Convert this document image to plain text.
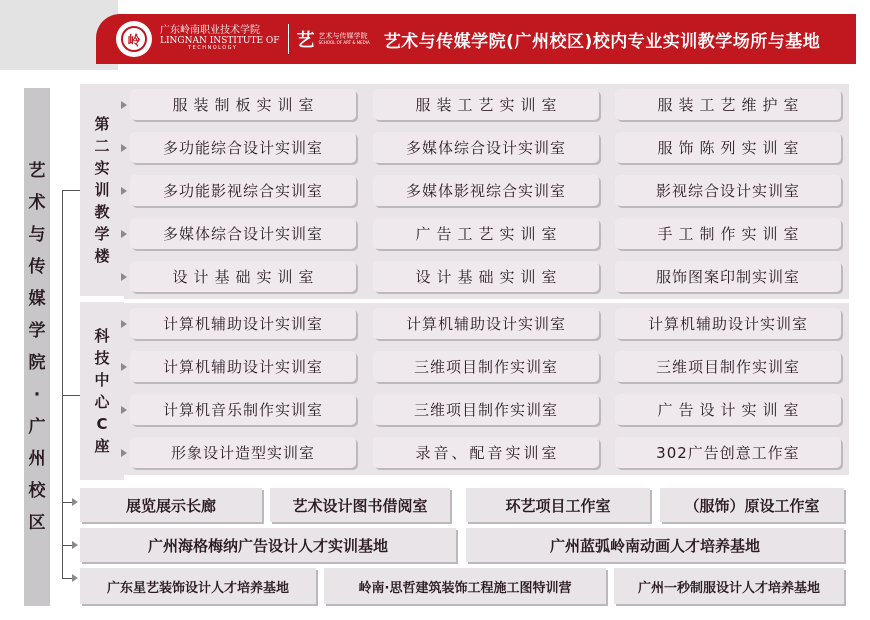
岭
广东岭南职业技术学院
LINGNAN INSTITUTE OF
TECHNOLOGY	艺 艺术与传媒学院
SCHOOL OF ART & MEDIA 艺术与传媒学院(广州校区)校内专业实训教学场所与基地
艺
术
与
传
媒
学
院
·
广
州
校
区
第
二
实
训
教
学
楼
服装制板实训室	服装工艺实训室	服装工艺维护室
多功能综合设计实训室	多媒体综合设计实训室	服饰陈列实训室
多功能影视综合实训室	多媒体影视综合实训室	影视综合设计实训室
多媒体综合设计实训室	广告工艺实训室	手工制作实训室
设计基础实训室	设计基础实训室	服饰图案印制实训室
科
技
中
心
C
座
计算机辅助设计实训室	计算机辅助设计实训室	计算机辅助设计实训室
计算机辅助设计实训室	三维项目制作实训室	三维项目制作实训室
计算机音乐制作实训室	三维项目制作实训室	广告设计实训室
形象设计造型实训室	录音、配音实训室	302广告创意工作室
展览展示长廊	艺术设计图书借阅室	环艺项目工作室	（服饰）原设工作室
广州海格梅纳广告设计人才实训基地	广州蓝弧岭南动画人才培养基地
广东星艺装饰设计人才培养基地	岭南·思哲建筑装饰工程施工图特训营	广州一秒制服设计人才培养基地
